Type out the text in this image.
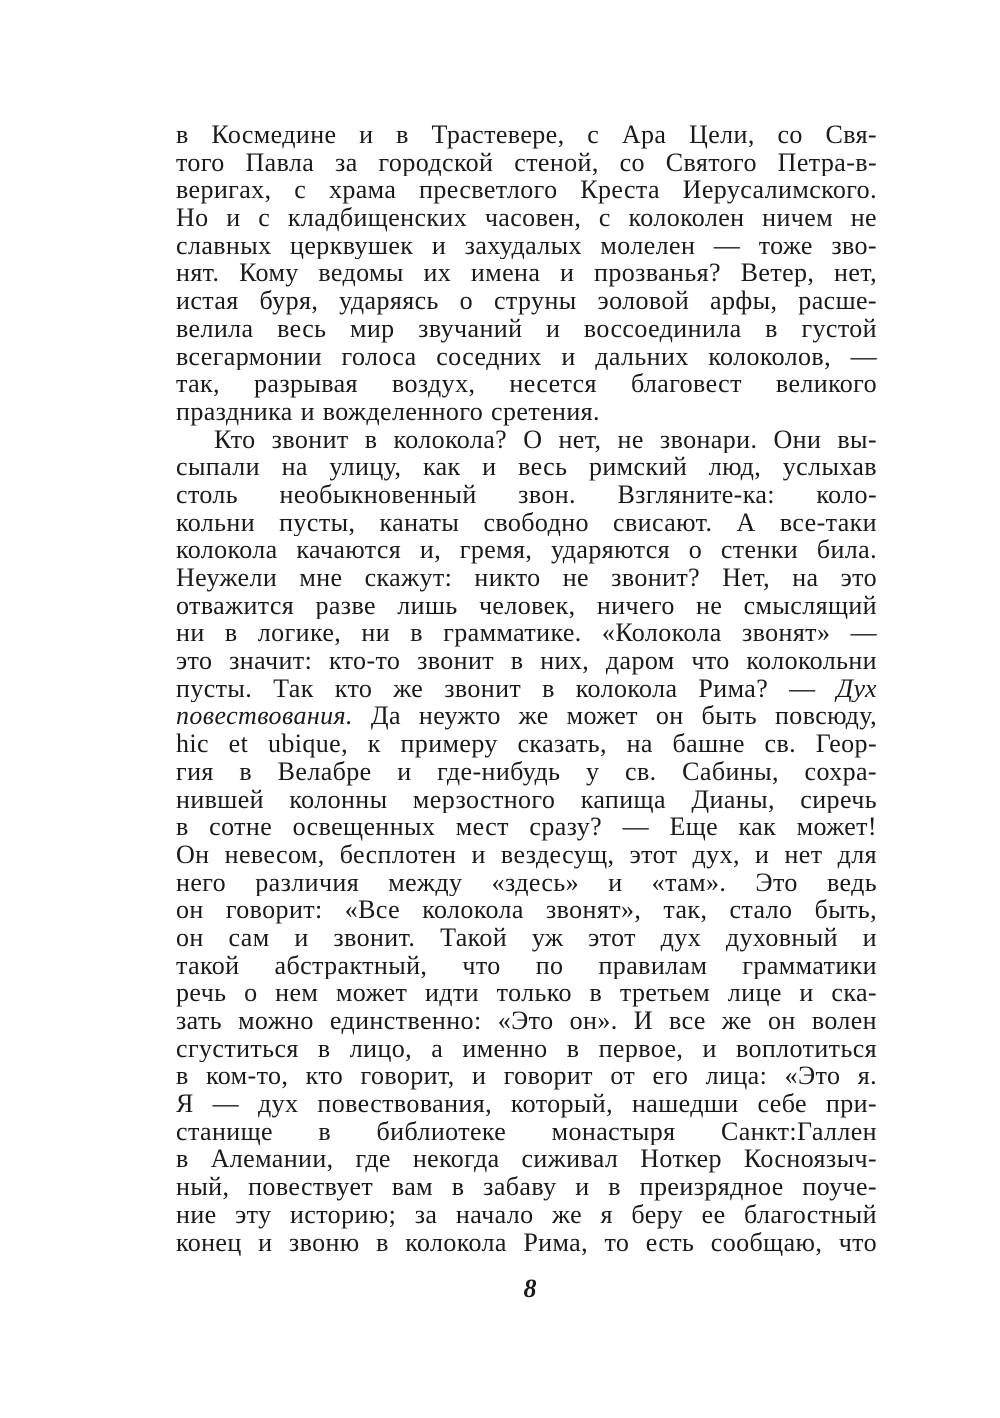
в Космедине и в Трастевере, с Ара Цели, со Свя-
того Павла за городской стеной, со Святого Петра-в-
веригах, с храма пресветлого Креста Иерусалимского.
Но и с кладбищенских часовен, с колоколен ничем не
славных церквушек и захудалых молелен — тоже зво-
нят. Кому ведомы их имена и прозванья? Ветер, нет,
истая буря, ударяясь о струны эоловой арфы, расше-
велила весь мир звучаний и воссоединила в густой
всегармонии голоса соседних и дальних колоколов, —
так, разрывая воздух, несется благовест великого
праздника и вожделенного сретения.
Кто звонит в колокола? О нет, не звонари. Они вы-
сыпали на улицу, как и весь римский люд, услыхав
столь необыкновенный звон. Взгляните-ка: коло-
кольни пусты, канаты свободно свисают. А все-таки
колокола качаются и, гремя, ударяются о стенки била.
Неужели мне скажут: никто не звонит? Нет, на это
отважится разве лишь человек, ничего не смыслящий
ни в логике, ни в грамматике. «Колокола звонят» —
это значит: кто-то звонит в них, даром что колокольни
пусты. Так кто же звонит в колокола Рима? — Дух
повествования. Да неужто же может он быть повсюду,
hic et ubique, к примеру сказать, на башне св. Геор-
гия в Велабре и где-нибудь у св. Сабины, сохра-
нившей колонны мерзостного капища Дианы, сиречь
в сотне освещенных мест сразу? — Еще как может!
Он невесом, бесплотен и вездесущ, этот дух, и нет для
него различия между «здесь» и «там». Это ведь
он говорит: «Все колокола звонят», так, стало быть,
он сам и звонит. Такой уж этот дух духовный и
такой абстрактный, что по правилам грамматики
речь о нем может идти только в третьем лице и ска-
зать можно единственно: «Это он». И все же он волен
сгуститься в лицо, а именно в первое, и воплотиться
в ком-то, кто говорит, и говорит от его лица: «Это я.
Я — дух повествования, который, нашедши себе при-
станище в библиотеке монастыря Санкт:Галлен
в Алемании, где некогда сиживал Ноткер Косноязыч-
ный, повествует вам в забаву и в преизрядное поуче-
ние эту историю; за начало же я беру ее благостный
конец и звоню в колокола Рима, то есть сообщаю, что
8
